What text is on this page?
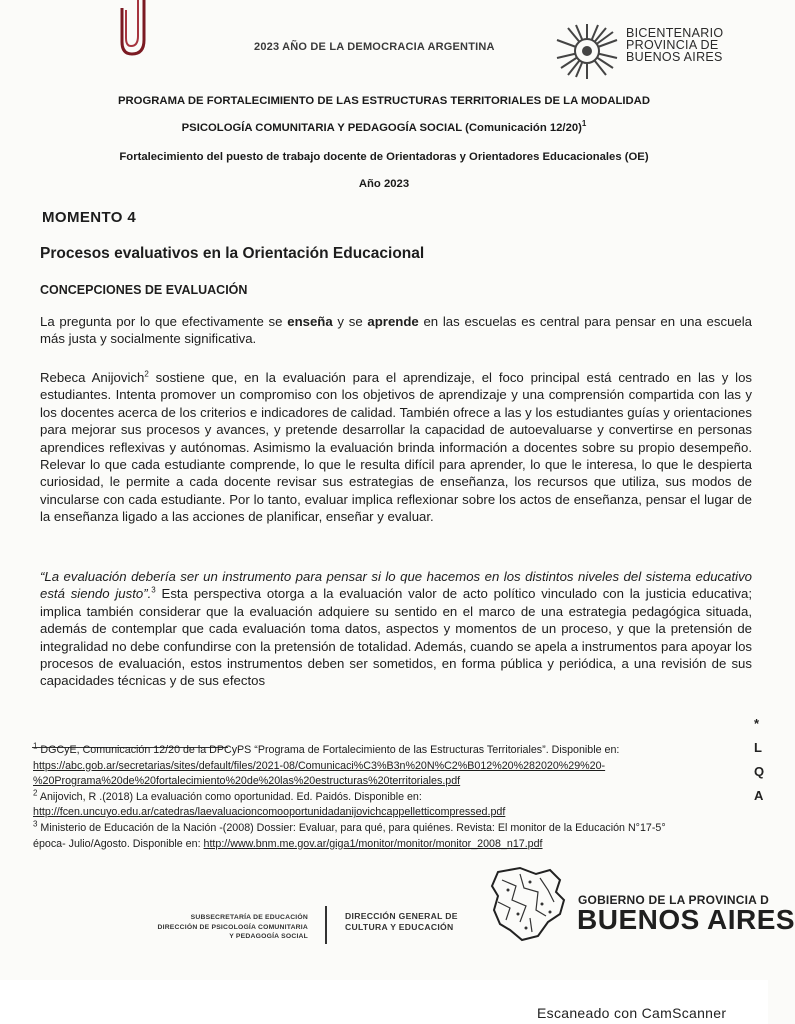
2023 AÑO DE LA DEMOCRACIA ARGENTINA
BICENTENARIO
PROVINCIA DE
BUENOS AIRES
PROGRAMA DE FORTALECIMIENTO DE LAS ESTRUCTURAS TERRITORIALES DE LA MODALIDAD
PSICOLOGÍA COMUNITARIA Y PEDAGOGÍA SOCIAL (Comunicación 12/20)$^1$
Fortalecimiento del puesto de trabajo docente de Orientadoras y Orientadores Educacionales (OE)
Año 2023
MOMENTO 4
Procesos evaluativos en la Orientación Educacional
CONCEPCIONES DE EVALUACIÓN
La pregunta por lo que efectivamente se enseña y se aprende en las escuelas es central para pensar en una escuela más justa y socialmente significativa.
Rebeca Anijovich$^2$ sostiene que, en la evaluación para el aprendizaje, el foco principal está centrado en las y los estudiantes. Intenta promover un compromiso con los objetivos de aprendizaje y una comprensión compartida con las y los docentes acerca de los criterios e indicadores de calidad. También ofrece a las y los estudiantes guías y orientaciones para mejorar sus procesos y avances, y pretende desarrollar la capacidad de autoevaluarse y convertirse en personas aprendices reflexivas y autónomas. Asimismo la evaluación brinda información a docentes sobre su propio desempeño. Relevar lo que cada estudiante comprende, lo que le resulta difícil para aprender, lo que le interesa, lo que le despierta curiosidad, le permite a cada docente revisar sus estrategias de enseñanza, los recursos que utiliza, sus modos de vincularse con cada estudiante. Por lo tanto, evaluar implica reflexionar sobre los actos de enseñanza, pensar el lugar de la enseñanza ligado a las acciones de planificar, enseñar y evaluar.
“La evaluación debería ser un instrumento para pensar si lo que hacemos en los distintos niveles del sistema educativo está siendo justo”.$^3$ Esta perspectiva otorga a la evaluación valor de acto político vinculado con la justicia educativa; implica también considerar que la evaluación adquiere su sentido en el marco de una estrategia pedagógica situada, además de contemplar que cada evaluación toma datos, aspectos y momentos de un proceso, y que la pretensión de integralidad no debe confundirse con la pretensión de totalidad. Además, cuando se apela a instrumentos para apoyar los procesos de evaluación, estos instrumentos deben ser sometidos, en forma pública y periódica, a una revisión de sus capacidades técnicas y de sus efectos
$^1$ DGCyE, Comunicación 12/20 de la DPCyPS “Programa de Fortalecimiento de las Estructuras Territoriales”. Disponible en:
https://abc.gob.ar/secretarias/sites/default/files/2021-08/Comunicaci%C3%B3n%20N%C2%B012%20%282020%29%20-
%20Programa%20de%20fortalecimiento%20de%20las%20estructuras%20territoriales.pdf
$^2$ Anijovich, R .(2018) La evaluación como oportunidad. Ed. Paidós. Disponible en:
http://fcen.uncuyo.edu.ar/catedras/laevaluacioncomooportunidadanijovichcappelletticompressed.pdf
$^3$ Ministerio de Educación de la Nación -(2008) Dossier: Evaluar, para qué, para quiénes. Revista: El monitor de la Educación N°17-5°
época- Julio/Agosto. Disponible en: http://www.bnm.me.gov.ar/giga1/monitor/monitor/monitor_2008_n17.pdf
*
L
Q
A
SUBSECRETARÍA DE EDUCACIÓN
DIRECCIÓN DE PSICOLOGÍA COMUNITARIA
Y PEDAGOGÍA SOCIAL
DIRECCIÓN GENERAL DE
CULTURA Y EDUCACIÓN
GOBIERNO DE LA PROVINCIA D
BUENOS AIRES
Escaneado con CamScanner
